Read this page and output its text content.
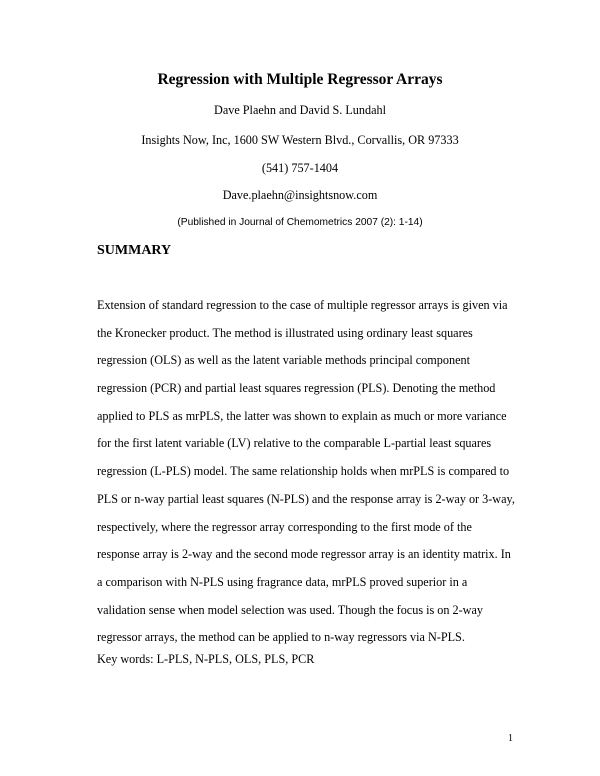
Regression with Multiple Regressor Arrays
Dave Plaehn and David S. Lundahl
Insights Now, Inc, 1600 SW Western Blvd., Corvallis, OR 97333
(541) 757-1404
Dave.plaehn@insightsnow.com
(Published in Journal of Chemometrics 2007 (2): 1-14)
SUMMARY
Extension of standard regression to the case of multiple regressor arrays is given via
the Kronecker product. The method is illustrated using ordinary least squares
regression (OLS) as well as the latent variable methods principal component
regression (PCR) and partial least squares regression (PLS). Denoting the method
applied to PLS as mrPLS, the latter was shown to explain as much or more variance
for the first latent variable (LV) relative to the comparable L-partial least squares
regression (L-PLS) model. The same relationship holds when mrPLS is compared to
PLS or n-way partial least squares (N-PLS) and the response array is 2-way or 3-way,
respectively, where the regressor array corresponding to the first mode of the
response array is 2-way and the second mode regressor array is an identity matrix. In
a comparison with N-PLS using fragrance data, mrPLS proved superior in a
validation sense when model selection was used. Though the focus is on 2-way
regressor arrays, the method can be applied to n-way regressors via N-PLS.
Key words: L-PLS, N-PLS, OLS, PLS, PCR
1
